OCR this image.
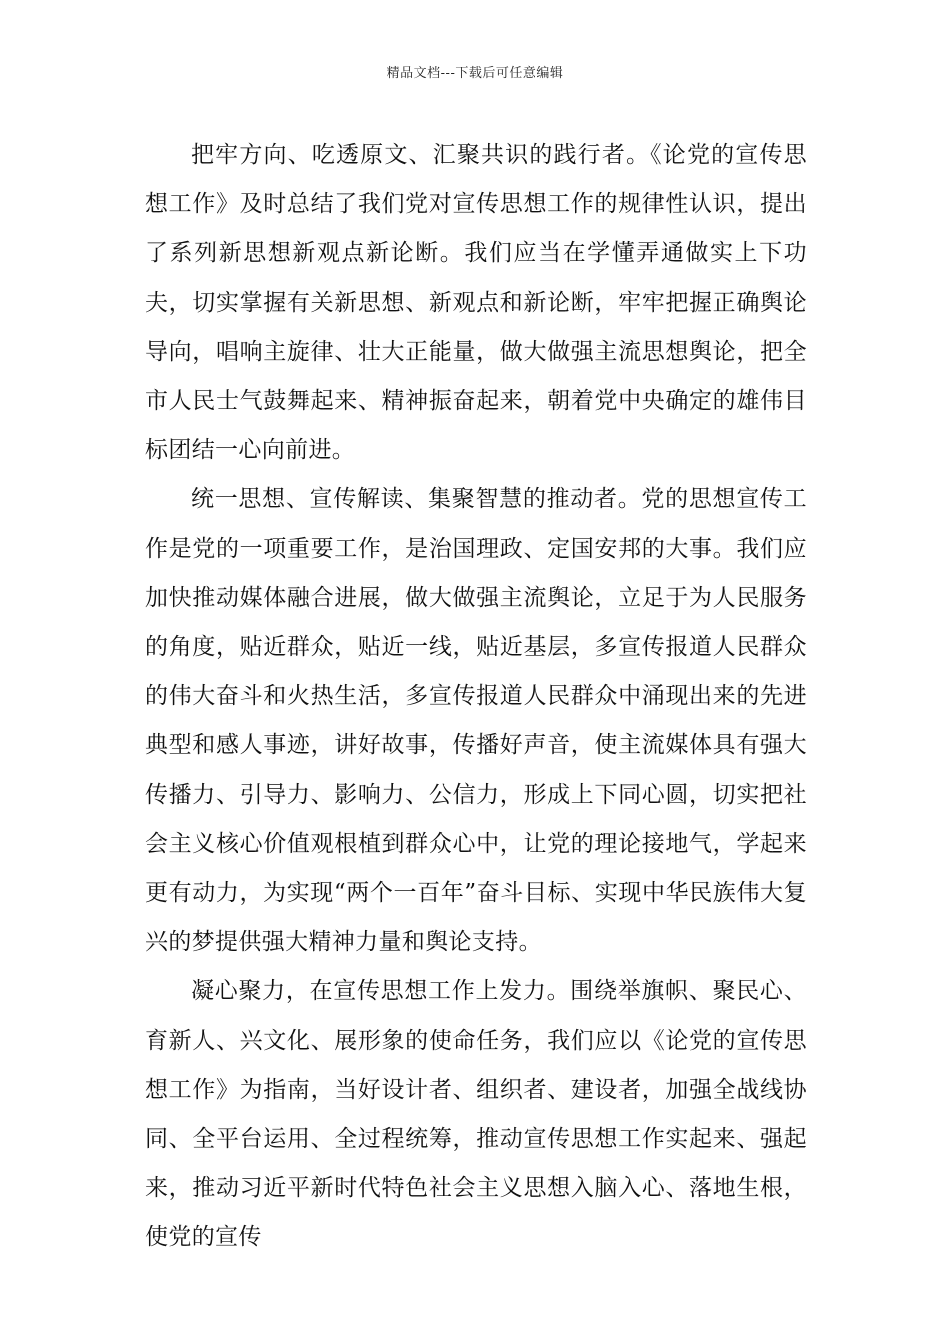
精品文档---下载后可任意编辑

把牢方向、吃透原文、汇聚共识的践行者。《论党的宣传思想工作》及时总结了我们党对宣传思想工作的规律性认识，提出了系列新思想新观点新论断。我们应当在学懂弄通做实上下功夫，切实掌握有关新思想、新观点和新论断，牢牢把握正确舆论导向，唱响主旋律、壮大正能量，做大做强主流思想舆论，把全市人民士气鼓舞起来、精神振奋起来，朝着党中央确定的雄伟目标团结一心向前进。

统一思想、宣传解读、集聚智慧的推动者。党的思想宣传工作是党的一项重要工作，是治国理政、定国安邦的大事。我们应加快推动媒体融合进展，做大做强主流舆论，立足于为人民服务的角度，贴近群众，贴近一线，贴近基层，多宣传报道人民群众的伟大奋斗和火热生活，多宣传报道人民群众中涌现出来的先进典型和感人事迹，讲好故事，传播好声音，使主流媒体具有强大传播力、引导力、影响力、公信力，形成上下同心圆，切实把社会主义核心价值观根植到群众心中，让党的理论接地气，学起来更有动力，为实现“两个一百年”奋斗目标、实现中华民族伟大复兴的梦提供强大精神力量和舆论支持。

凝心聚力，在宣传思想工作上发力。围绕举旗帜、聚民心、育新人、兴文化、展形象的使命任务，我们应以《论党的宣传思想工作》为指南，当好设计者、组织者、建设者，加强全战线协同、全平台运用、全过程统筹，推动宣传思想工作实起来、强起来，推动习近平新时代特色社会主义思想入脑入心、落地生根，使党的宣传
